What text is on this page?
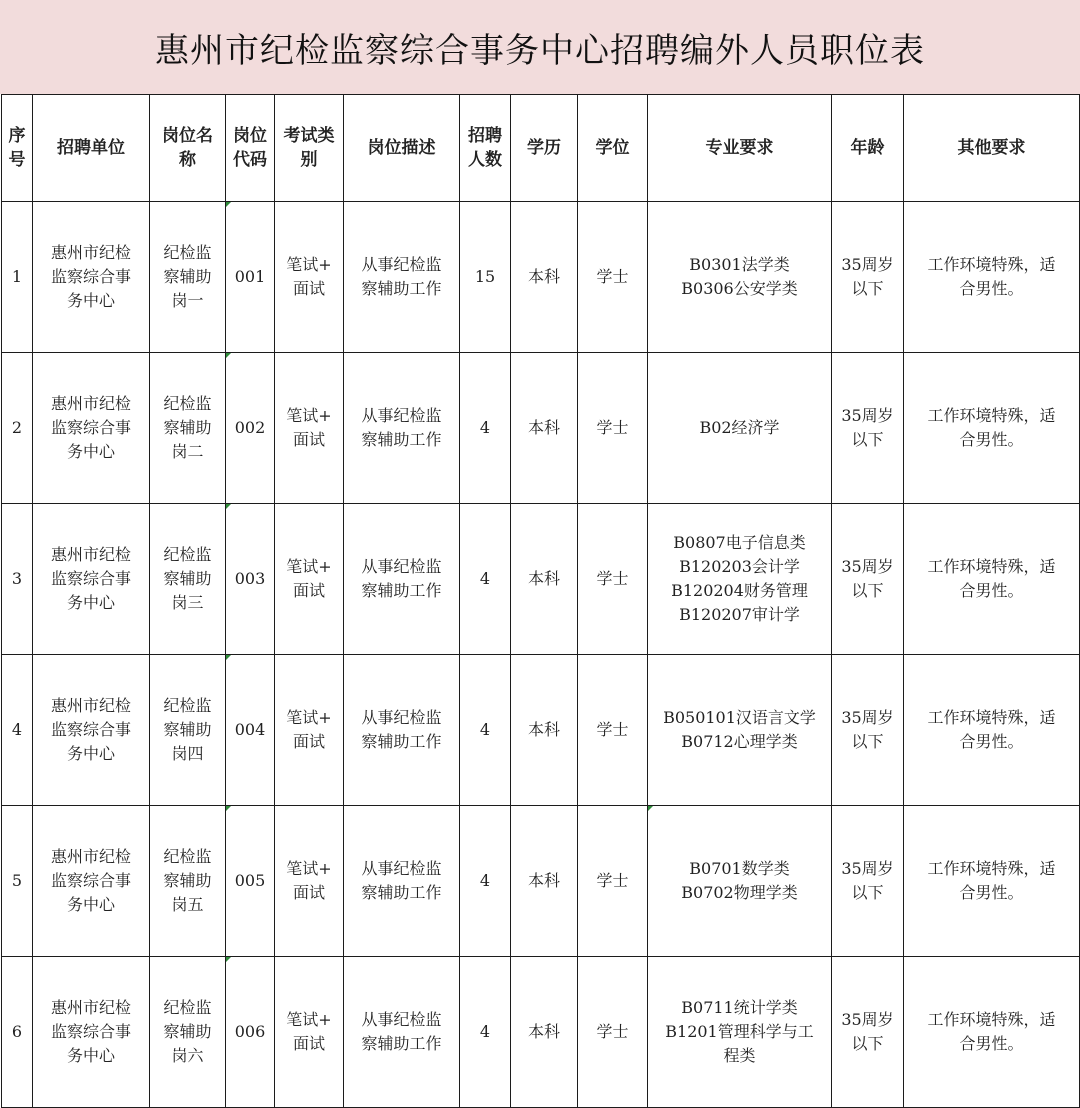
惠州市纪检监察综合事务中心招聘编外人员职位表
序
号	招聘单位	岗位名
称	岗位
代码	考试类
别	岗位描述	招聘
人数	学历	学位	专业要求	年龄	其他要求
1	惠州市纪检
监察综合事
务中心	纪检监
察辅助
岗一	001	笔试+
面试	从事纪检监
察辅助工作	15	本科	学士	B0301法学类
B0306公安学类	35周岁
以下	工作环境特殊，适
合男性。
2	惠州市纪检
监察综合事
务中心	纪检监
察辅助
岗二	002	笔试+
面试	从事纪检监
察辅助工作	4	本科	学士	B02经济学	35周岁
以下	工作环境特殊，适
合男性。
3	惠州市纪检
监察综合事
务中心	纪检监
察辅助
岗三	003	笔试+
面试	从事纪检监
察辅助工作	4	本科	学士	B0807电子信息类
B120203会计学
B120204财务管理
B120207审计学	35周岁
以下	工作环境特殊，适
合男性。
4	惠州市纪检
监察综合事
务中心	纪检监
察辅助
岗四	004	笔试+
面试	从事纪检监
察辅助工作	4	本科	学士	B050101汉语言文学
B0712心理学类	35周岁
以下	工作环境特殊，适
合男性。
5	惠州市纪检
监察综合事
务中心	纪检监
察辅助
岗五	005	笔试+
面试	从事纪检监
察辅助工作	4	本科	学士	B0701数学类
B0702物理学类	35周岁
以下	工作环境特殊，适
合男性。
6	惠州市纪检
监察综合事
务中心	纪检监
察辅助
岗六	006	笔试+
面试	从事纪检监
察辅助工作	4	本科	学士	B0711统计学类
B1201管理科学与工
程类	35周岁
以下	工作环境特殊，适
合男性。
